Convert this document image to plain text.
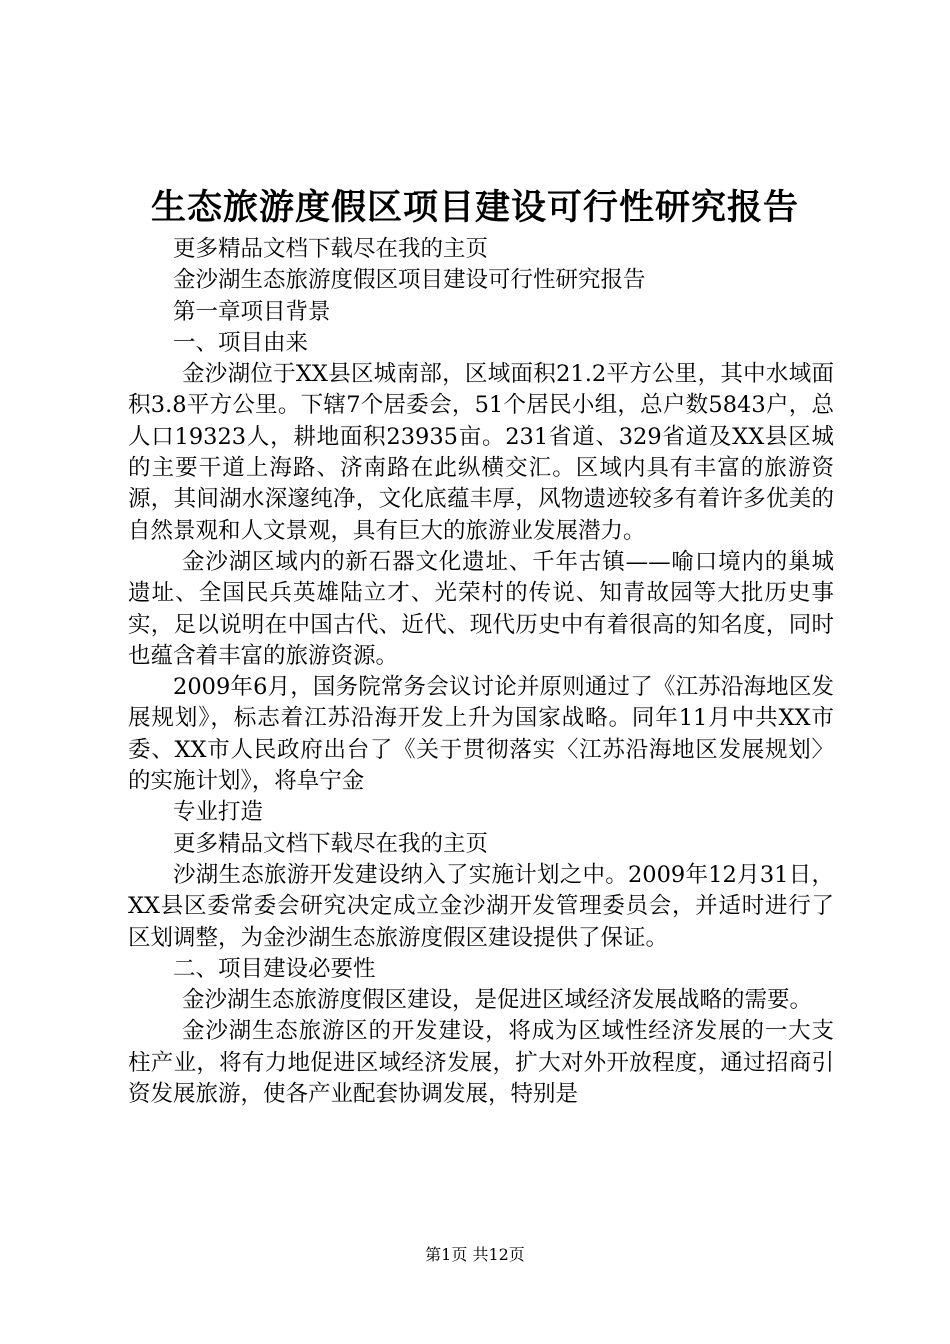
生态旅游度假区项目建设可行性研究报告

更多精品文档下载尽在我的主页

金沙湖生态旅游度假区项目建设可行性研究报告

第一章项目背景

一、项目由来

金沙湖位于XX县区城南部，区域面积21.2平方公里，其中水域面积3.8平方公里。下辖7个居委会，51个居民小组，总户数5843户，总人口19323人，耕地面积23935亩。231省道、329省道及XX县区城的主要干道上海路、济南路在此纵横交汇。区域内具有丰富的旅游资源，其间湖水深邃纯净，文化底蕴丰厚，风物遗迹较多有着许多优美的自然景观和人文景观，具有巨大的旅游业发展潜力。

金沙湖区域内的新石器文化遗址、千年古镇——喻口境内的巢城遗址、全国民兵英雄陆立才、光荣村的传说、知青故园等大批历史事实，足以说明在中国古代、近代、现代历史中有着很高的知名度，同时也蕴含着丰富的旅游资源。

2009年6月，国务院常务会议讨论并原则通过了《江苏沿海地区发展规划》，标志着江苏沿海开发上升为国家战略。同年11月中共XX市委、XX市人民政府出台了《关于贯彻落实〈江苏沿海地区发展规划〉的实施计划》，将阜宁金

专业打造

更多精品文档下载尽在我的主页

沙湖生态旅游开发建设纳入了实施计划之中。2009年12月31日，XX县区委常委会研究决定成立金沙湖开发管理委员会，并适时进行了区划调整，为金沙湖生态旅游度假区建设提供了保证。

二、项目建设必要性

金沙湖生态旅游度假区建设，是促进区域经济发展战略的需要。

金沙湖生态旅游区的开发建设，将成为区域性经济发展的一大支柱产业，将有力地促进区域经济发展，扩大对外开放程度，通过招商引资发展旅游，使各产业配套协调发展，特别是

第1页 共12页
